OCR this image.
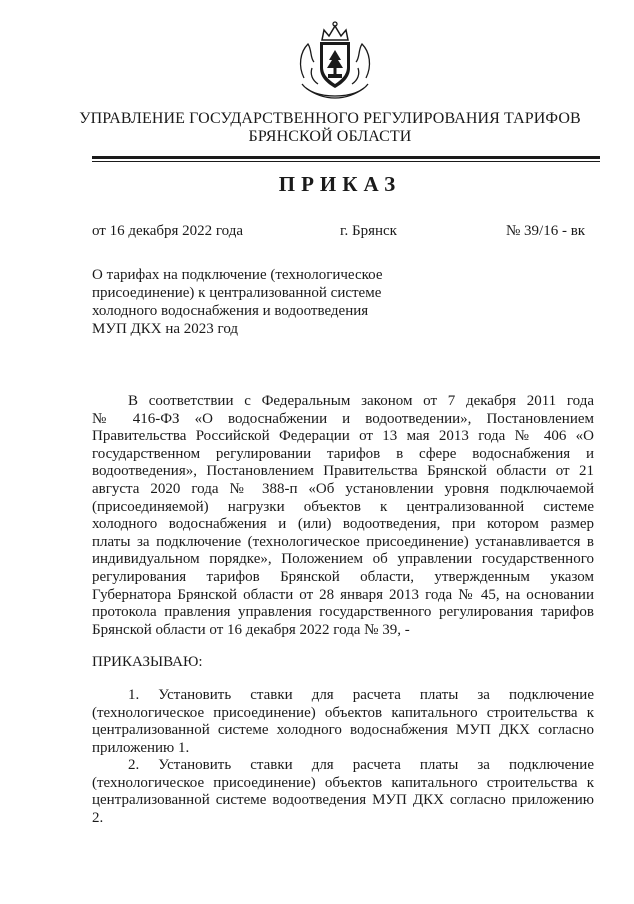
УПРАВЛЕНИЕ ГОСУДАРСТВЕННОГО РЕГУЛИРОВАНИЯ ТАРИФОВ
БРЯНСКОЙ ОБЛАСТИ
ПРИКАЗ
от 16 декабря 2022 года	г. Брянск	№ 39/16 - вк
О тарифах на подключение (технологическое
присоединение) к централизованной системе
холодного водоснабжения и водоотведения
МУП ДКХ на 2023 год
В соответствии с Федеральным законом от 7 декабря 2011 года
№ 416-ФЗ «О водоснабжении и водоотведении», Постановлением
Правительства Российской Федерации от 13 мая 2013 года № 406 «О
государственном регулировании тарифов в сфере водоснабжения и
водоотведения», Постановлением Правительства Брянской области от 21
августа 2020 года № 388-п «Об установлении уровня подключаемой
(присоединяемой) нагрузки объектов к централизованной системе
холодного водоснабжения и (или) водоотведения, при котором размер
платы за подключение (технологическое присоединение) устанавливается в
индивидуальном порядке», Положением об управлении государственного
регулирования тарифов Брянской области, утвержденным указом
Губернатора Брянской области от 28 января 2013 года № 45, на основании
протокола правления управления государственного регулирования тарифов
Брянской области от 16 декабря 2022 года № 39, -
ПРИКАЗЫВАЮ:
1. Установить ставки для расчета платы за подключение
(технологическое присоединение) объектов капитального строительства к
централизованной системе холодного водоснабжения МУП ДКХ согласно
приложению 1.
2. Установить ставки для расчета платы за подключение
(технологическое присоединение) объектов капитального строительства к
централизованной системе водоотведения МУП ДКХ согласно приложению
2.
